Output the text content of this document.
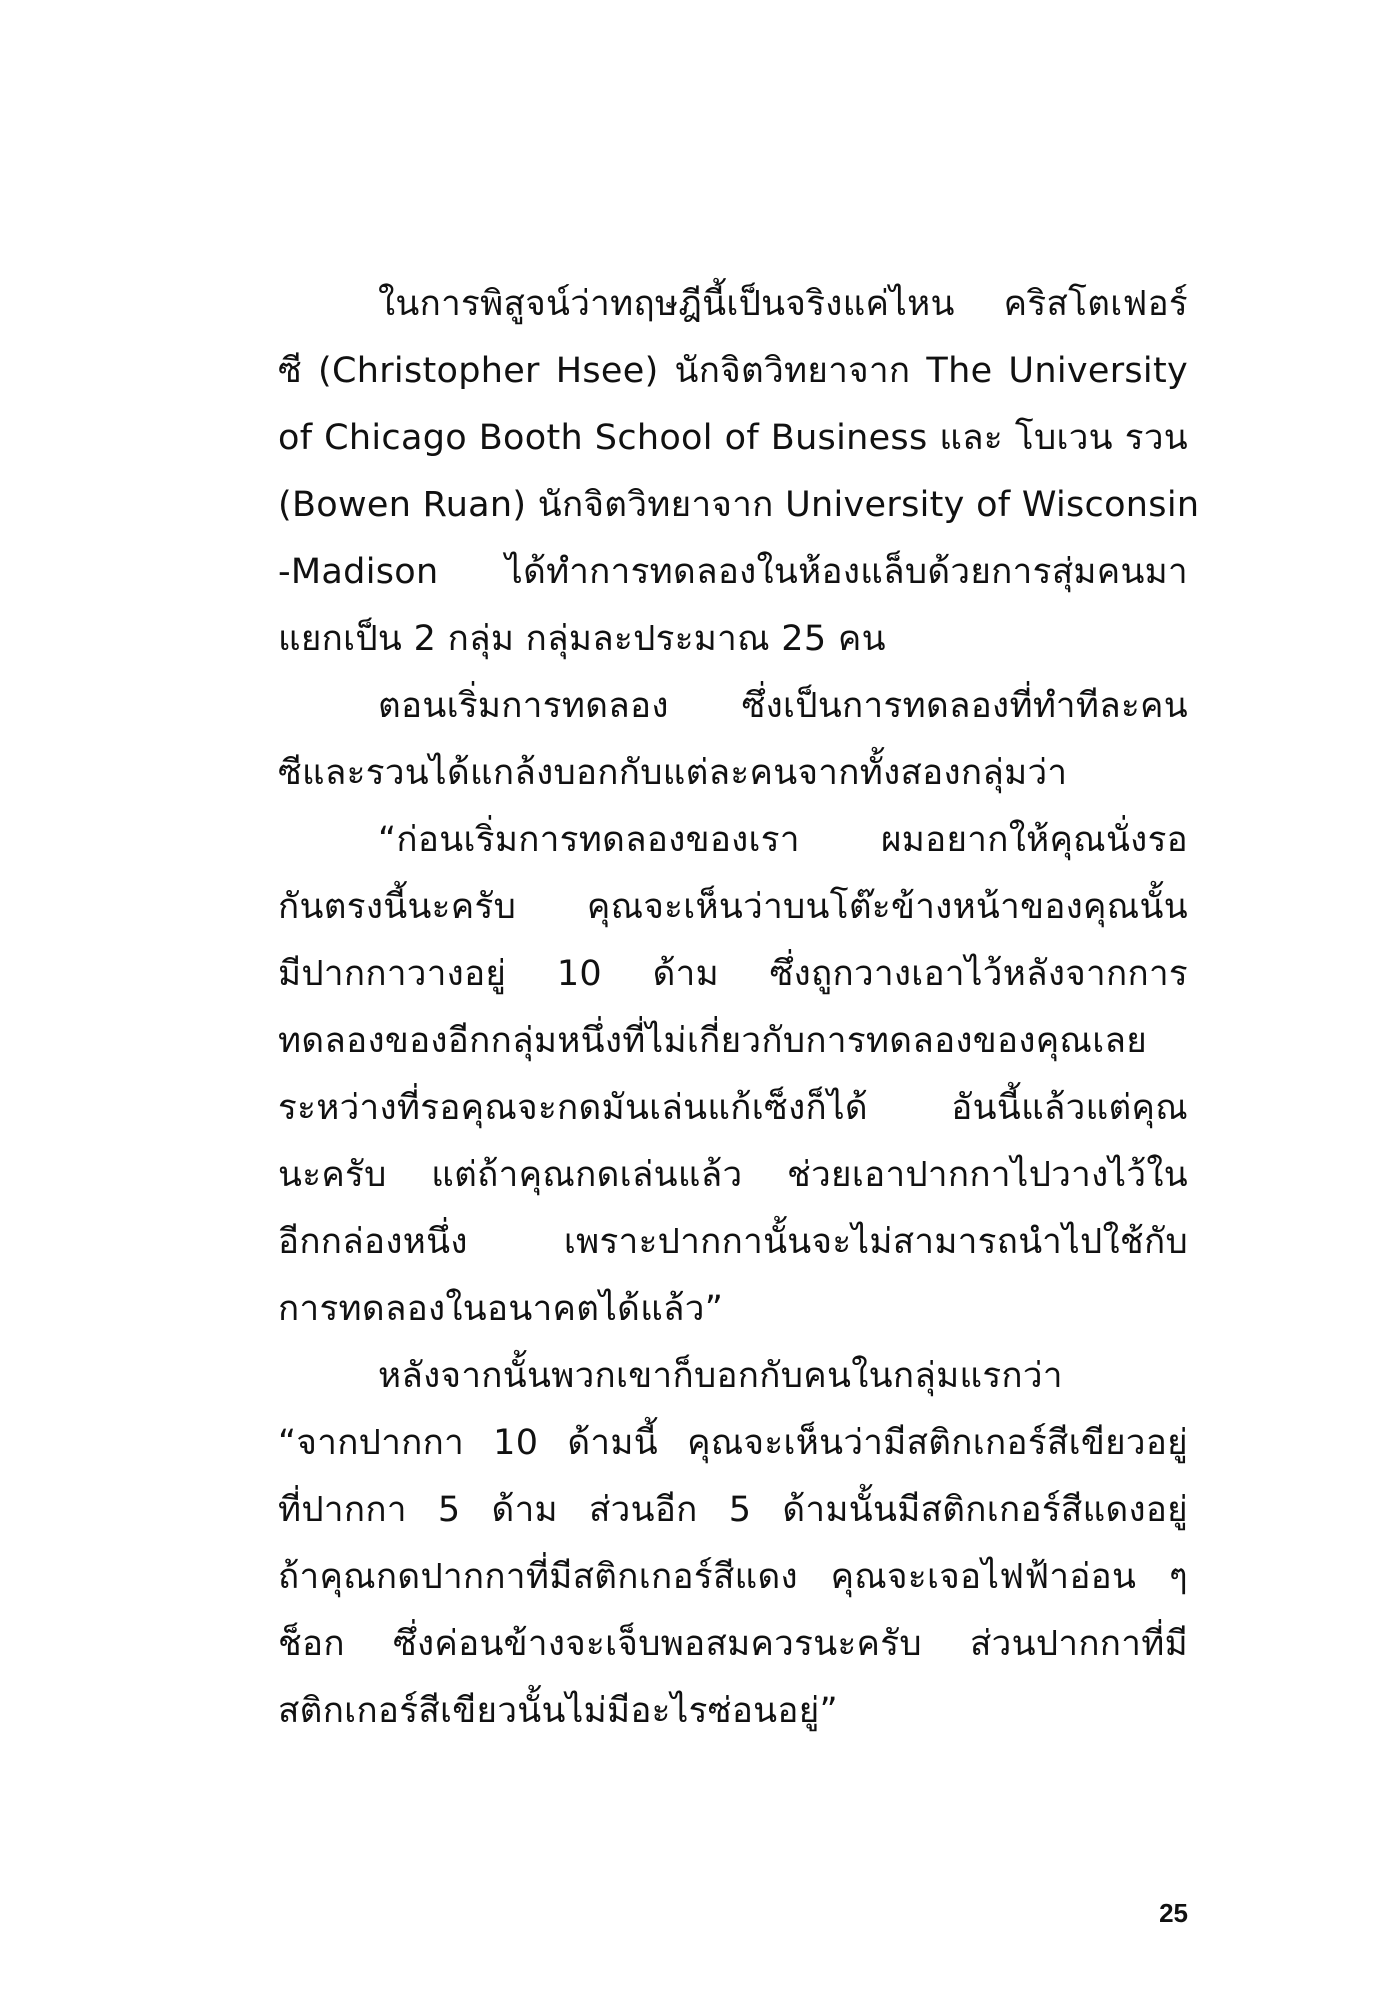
ในการพิสูจน์ว่าทฤษฎีนี้เป็นจริงแค่ไหน คริสโตเฟอร์
ซี (Christopher Hsee) นักจิตวิทยาจาก The University
of Chicago Booth School of Business และ โบเวน รวน
(Bowen Ruan) นักจิตวิทยาจาก University of Wisconsin
-Madison ได้ทำการทดลองในห้องแล็บด้วยการสุ่มคนมา
แยกเป็น 2 กลุ่ม กลุ่มละประมาณ 25 คน
ตอนเริ่มการทดลอง ซึ่งเป็นการทดลองที่ทำทีละคน
ซีและรวนได้แกล้งบอกกับแต่ละคนจากทั้งสองกลุ่มว่า
“ก่อนเริ่มการทดลองของเรา ผมอยากให้คุณนั่งรอ
กันตรงนี้นะครับ คุณจะเห็นว่าบนโต๊ะข้างหน้าของคุณนั้น
มีปากกาวางอยู่ 10 ด้าม ซึ่งถูกวางเอาไว้หลังจากการ
ทดลองของอีกกลุ่มหนึ่งที่ไม่เกี่ยวกับการทดลองของคุณเลย
ระหว่างที่รอคุณจะกดมันเล่นแก้เซ็งก็ได้ อันนี้แล้วแต่คุณ
นะครับ แต่ถ้าคุณกดเล่นแล้ว ช่วยเอาปากกาไปวางไว้ใน
อีกกล่องหนึ่ง เพราะปากกานั้นจะไม่สามารถนำไปใช้กับ
การทดลองในอนาคตได้แล้ว”
หลังจากนั้นพวกเขาก็บอกกับคนในกลุ่มแรกว่า
“จากปากกา 10 ด้ามนี้ คุณจะเห็นว่ามีสติกเกอร์สีเขียวอยู่
ที่ปากกา 5 ด้าม ส่วนอีก 5 ด้ามนั้นมีสติกเกอร์สีแดงอยู่
ถ้าคุณกดปากกาที่มีสติกเกอร์สีแดง คุณจะเจอไฟฟ้าอ่อน ๆ
ช็อก ซึ่งค่อนข้างจะเจ็บพอสมควรนะครับ ส่วนปากกาที่มี
สติกเกอร์สีเขียวนั้นไม่มีอะไรซ่อนอยู่”
25
